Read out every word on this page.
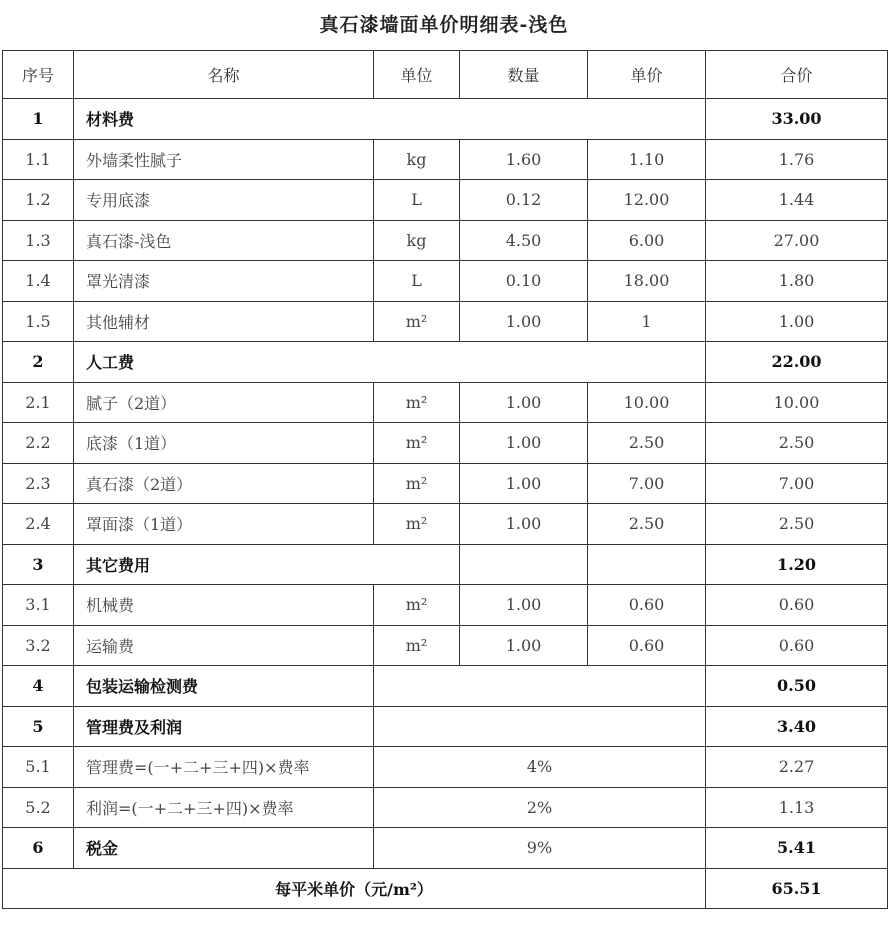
真石漆墙面单价明细表-浅色
序号	名称	单位	数量	单价	合价
1	材料费				33.00
1.1	外墙柔性腻子	kg	1.60	1.10	1.76
1.2	专用底漆	L	0.12	12.00	1.44
1.3	真石漆-浅色	kg	4.50	6.00	27.00
1.4	罩光清漆	L	0.10	18.00	1.80
1.5	其他辅材	m²	1.00	1	1.00
2	人工费				22.00
2.1	腻子（2道）	m²	1.00	10.00	10.00
2.2	底漆（1道）	m²	1.00	2.50	2.50
2.3	真石漆（2道）	m²	1.00	7.00	7.00
2.4	罩面漆（1道）	m²	1.00	2.50	2.50
3	其它费用				1.20
3.1	机械费	m²	1.00	0.60	0.60
3.2	运输费	m²	1.00	0.60	0.60
4	包装运输检测费				0.50
5	管理费及利润				3.40
5.1	管理费=(一+二+三+四)×费率	4%			2.27
5.2	利润=(一+二+三+四)×费率	2%			1.13
6	税金	9%			5.41
每平米单价（元/m²）					65.51
